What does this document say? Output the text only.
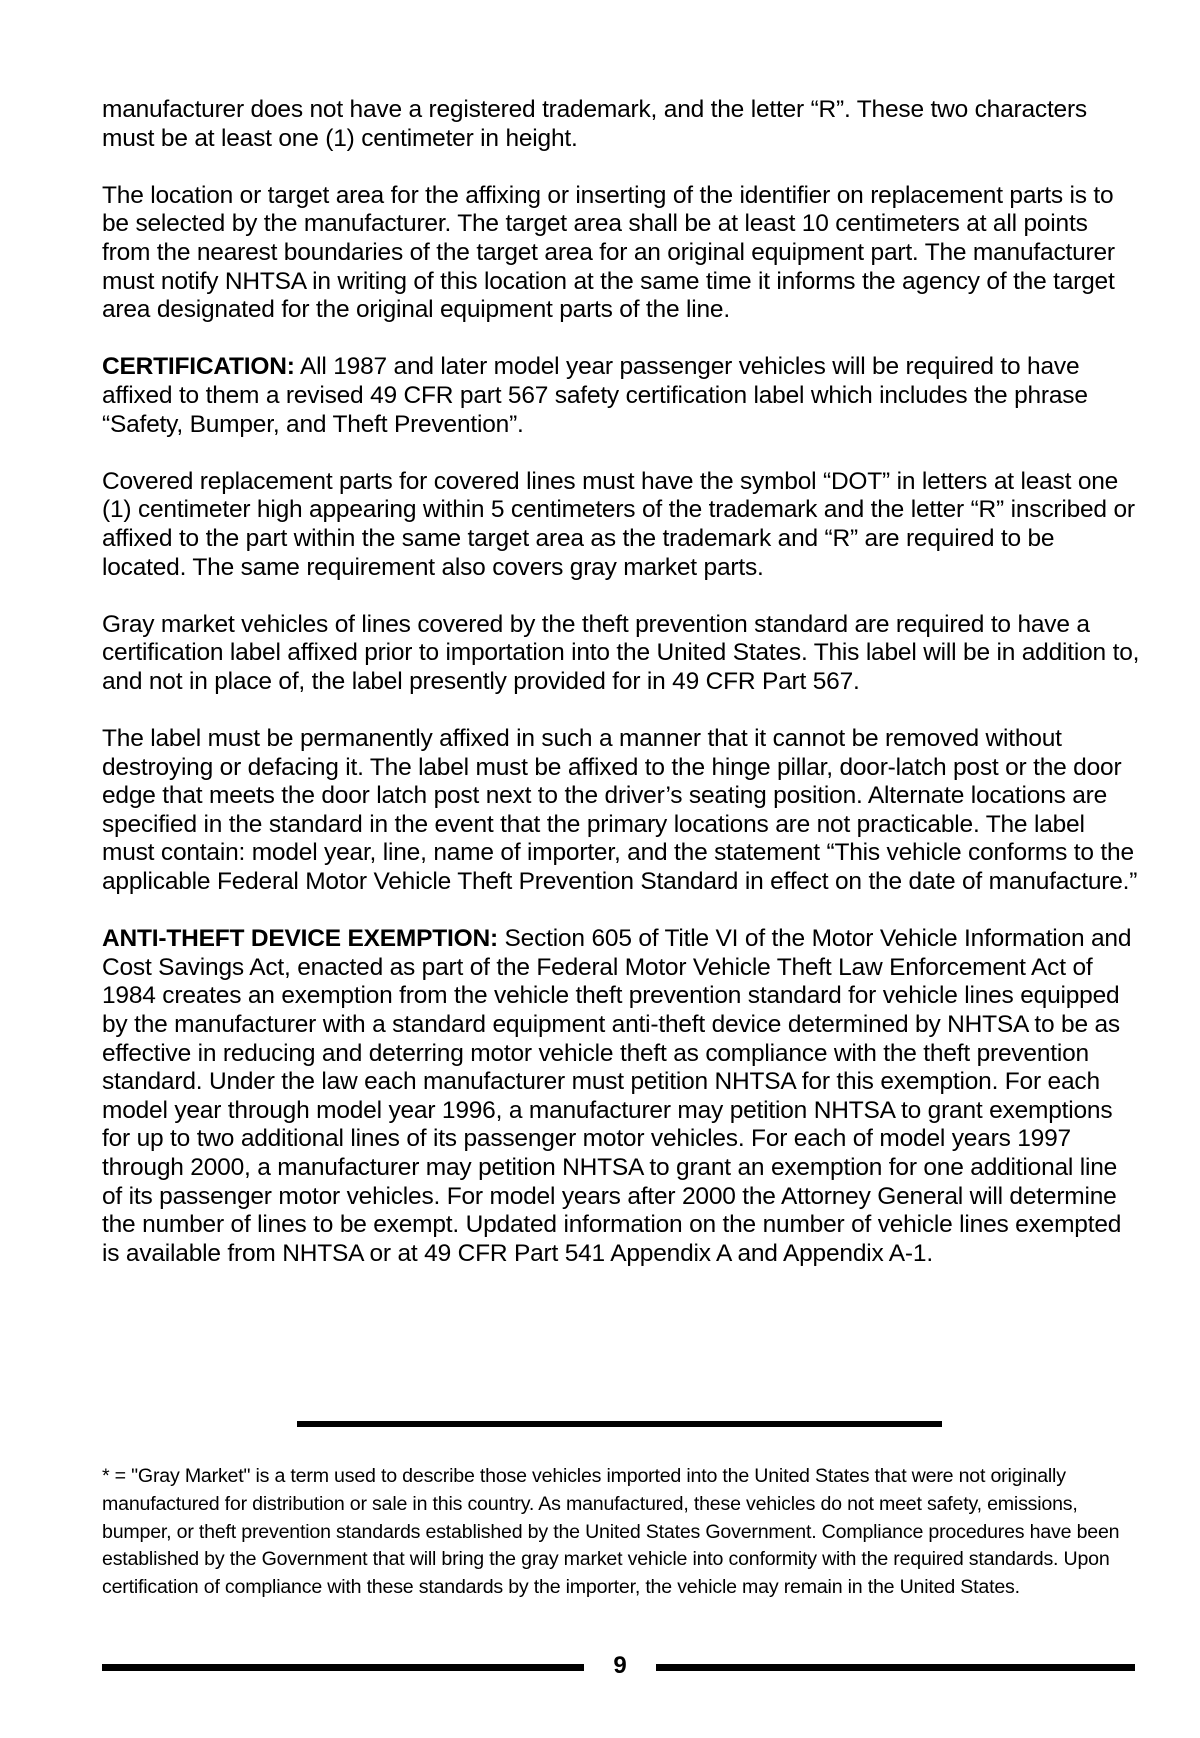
manufacturer does not have a registered trademark, and the letter “R”. These two characters must be at least one (1) centimeter in height.

The location or target area for the affixing or inserting of the identifier on replacement parts is to be selected by the manufacturer. The target area shall be at least 10 centimeters at all points from the nearest boundaries of the target area for an original equipment part. The manufacturer must notify NHTSA in writing of this location at the same time it informs the agency of the target area designated for the original equipment parts of the line.

CERTIFICATION: All 1987 and later model year passenger vehicles will be required to have affixed to them a revised 49 CFR part 567 safety certification label which includes the phrase “Safety, Bumper, and Theft Prevention”.

Covered replacement parts for covered lines must have the symbol “DOT” in letters at least one (1) centimeter high appearing within 5 centimeters of the trademark and the letter “R” inscribed or affixed to the part within the same target area as the trademark and “R” are required to be located. The same requirement also covers gray market parts.

Gray market vehicles of lines covered by the theft prevention standard are required to have a certification label affixed prior to importation into the United States. This label will be in addition to, and not in place of, the label presently provided for in 49 CFR Part 567.

The label must be permanently affixed in such a manner that it cannot be removed without destroying or defacing it. The label must be affixed to the hinge pillar, door-latch post or the door edge that meets the door latch post next to the driver’s seating position. Alternate locations are specified in the standard in the event that the primary locations are not practicable. The label must contain: model year, line, name of importer, and the statement “This vehicle conforms to the applicable Federal Motor Vehicle Theft Prevention Standard in effect on the date of manufacture.”

ANTI-THEFT DEVICE EXEMPTION: Section 605 of Title VI of the Motor Vehicle Information and Cost Savings Act, enacted as part of the Federal Motor Vehicle Theft Law Enforcement Act of 1984 creates an exemption from the vehicle theft prevention standard for vehicle lines equipped by the manufacturer with a standard equipment anti-theft device determined by NHTSA to be as effective in reducing and deterring motor vehicle theft as compliance with the theft prevention standard. Under the law each manufacturer must petition NHTSA for this exemption. For each model year through model year 1996, a manufacturer may petition NHTSA to grant exemptions for up to two additional lines of its passenger motor vehicles. For each of model years 1997 through 2000, a manufacturer may petition NHTSA to grant an exemption for one additional line of its passenger motor vehicles. For model years after 2000 the Attorney General will determine the number of lines to be exempt. Updated information on the number of vehicle lines exempted is available from NHTSA or at 49 CFR Part 541 Appendix A and Appendix A-1.

* = "Gray Market" is a term used to describe those vehicles imported into the United States that were not originally manufactured for distribution or sale in this country. As manufactured, these vehicles do not meet safety, emissions, bumper, or theft prevention standards established by the United States Government. Compliance procedures have been established by the Government that will bring the gray market vehicle into conformity with the required standards. Upon certification of compliance with these standards by the importer, the vehicle may remain in the United States.

9
